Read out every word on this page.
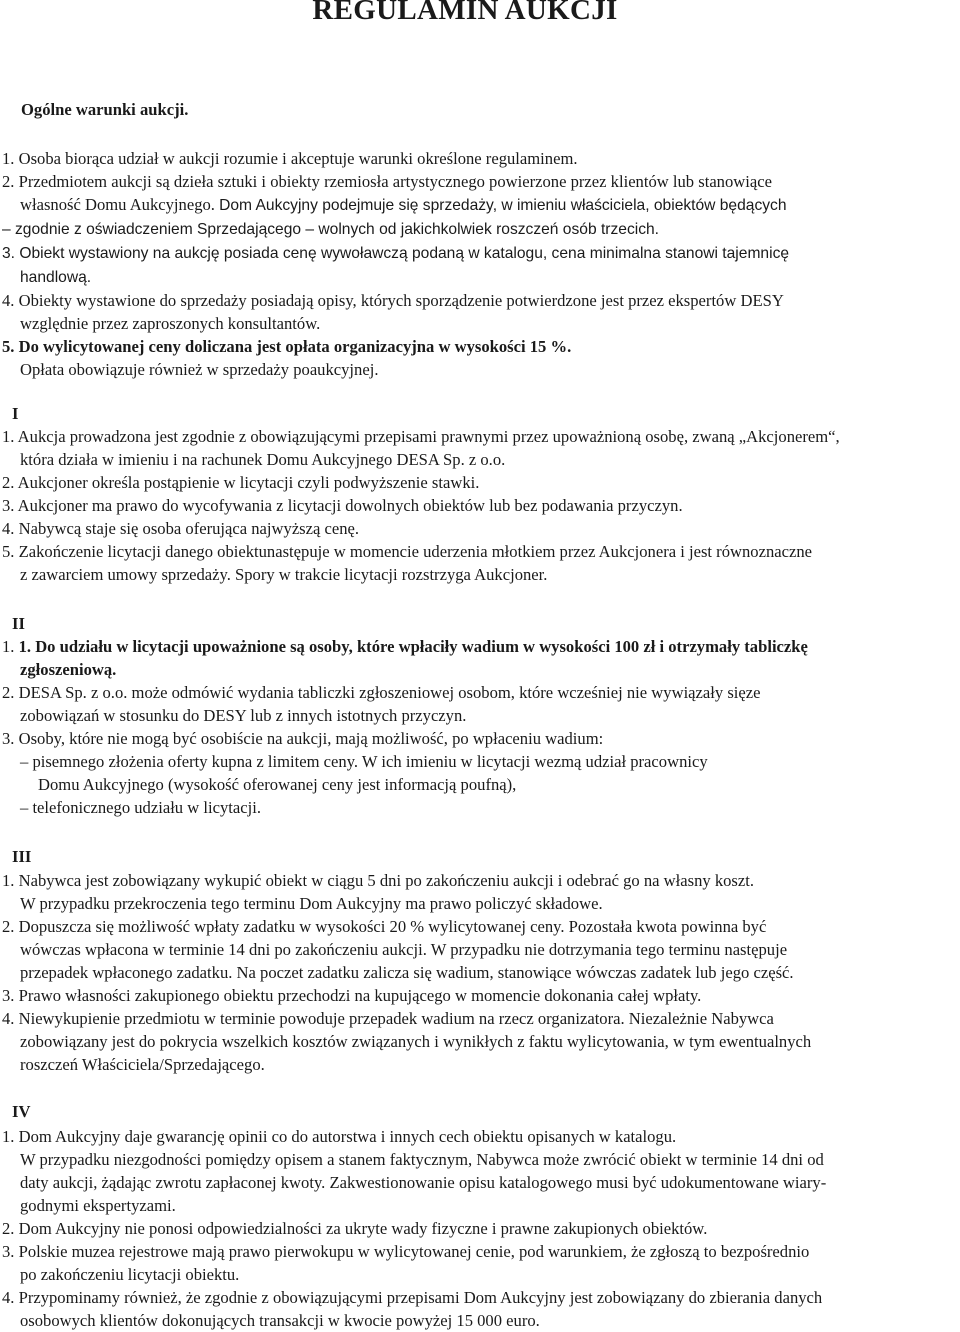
REGULAMIN AUKCJI

Ogólne warunki aukcji.

1. Osoba biorąca udział w aukcji rozumie i akceptuje warunki określone regulaminem.

2. Przedmiotem aukcji są dzieła sztuki i obiekty rzemiosła artystycznego powierzone przez klientów lub stanowiące

własność Domu Aukcyjnego. Dom Aukcyjny podejmuje się sprzedaży, w imieniu właściciela, obiektów będących

– zgodnie z oświadczeniem Sprzedającego – wolnych od jakichkolwiek roszczeń osób trzecich.

3. Obiekt wystawiony na aukcję posiada cenę wywoławczą podaną w katalogu, cena minimalna stanowi tajemnicę

handlową.

4. Obiekty wystawione do sprzedaży posiadają opisy, których sporządzenie potwierdzone jest przez ekspertów DESY

względnie przez zaproszonych konsultantów.

5. Do wylicytowanej ceny doliczana jest opłata organizacyjna w wysokości 15 %.

Opłata obowiązuje również w sprzedaży poaukcyjnej.

I

1. Aukcja prowadzona jest zgodnie z obowiązującymi przepisami prawnymi przez upoważnioną osobę, zwaną „Akcjonerem“,

która działa w imieniu i na rachunek Domu Aukcyjnego DESA Sp. z o.o.

2. Aukcjoner określa postąpienie w licytacji czyli podwyższenie stawki.

3. Aukcjoner ma prawo do wycofywania z licytacji dowolnych obiektów lub bez podawania przyczyn.

4. Nabywcą staje się osoba oferująca najwyższą cenę.

5. Zakończenie licytacji danego obiektunastępuje w momencie uderzenia młotkiem przez Aukcjonera i jest równoznaczne

z zawarciem umowy sprzedaży. Spory w trakcie licytacji rozstrzyga Aukcjoner.

II

1. 1. Do udziału w licytacji upoważnione są osoby, które wpłaciły wadium w wysokości 100 zł i otrzymały tabliczkę

zgłoszeniową.

2. DESA Sp. z o.o. może odmówić wydania tabliczki zgłoszeniowej osobom, które wcześniej nie wywiązały sięze

zobowiązań w stosunku do DESY lub z innych istotnych przyczyn.

3. Osoby, które nie mogą być osobiście na aukcji, mają możliwość, po wpłaceniu wadium:

– pisemnego złożenia oferty kupna z limitem ceny. W ich imieniu w licytacji wezmą udział pracownicy

Domu Aukcyjnego (wysokość oferowanej ceny jest informacją poufną),

– telefonicznego udziału w licytacji.

III

1. Nabywca jest zobowiązany wykupić obiekt w ciągu 5 dni po zakończeniu aukcji i odebrać go na własny koszt.

W przypadku przekroczenia tego terminu Dom Aukcyjny ma prawo policzyć składowe.

2. Dopuszcza się możliwość wpłaty zadatku w wysokości 20 % wylicytowanej ceny. Pozostała kwota powinna być

wówczas wpłacona w terminie 14 dni po zakończeniu aukcji. W przypadku nie dotrzymania tego terminu następuje

przepadek wpłaconego zadatku. Na poczet zadatku zalicza się wadium, stanowiące wówczas zadatek lub jego część.

3. Prawo własności zakupionego obiektu przechodzi na kupującego w momencie dokonania całej wpłaty.

4. Niewykupienie przedmiotu w terminie powoduje przepadek wadium na rzecz organizatora. Niezależnie Nabywca

zobowiązany jest do pokrycia wszelkich kosztów związanych i wynikłych z faktu wylicytowania, w tym ewentualnych

roszczeń Właściciela/Sprzedającego.

IV

1. Dom Aukcyjny daje gwarancję opinii co do autorstwa i innych cech obiektu opisanych w katalogu.

W przypadku niezgodności pomiędzy opisem a stanem faktycznym, Nabywca może zwrócić obiekt w terminie 14 dni od

daty aukcji, żądając zwrotu zapłaconej kwoty. Zakwestionowanie opisu katalogowego musi być udokumentowane wiary-

godnymi ekspertyzami.

2. Dom Aukcyjny nie ponosi odpowiedzialności za ukryte wady fizyczne i prawne zakupionych obiektów.

3. Polskie muzea rejestrowe mają prawo pierwokupu w wylicytowanej cenie, pod warunkiem, że zgłoszą to bezpośrednio

po zakończeniu licytacji obiektu.

4. Przypominamy również, że zgodnie z obowiązującymi przepisami Dom Aukcyjny jest zobowiązany do zbierania danych

osobowych klientów dokonujących transakcji w kwocie powyżej 15 000 euro.
